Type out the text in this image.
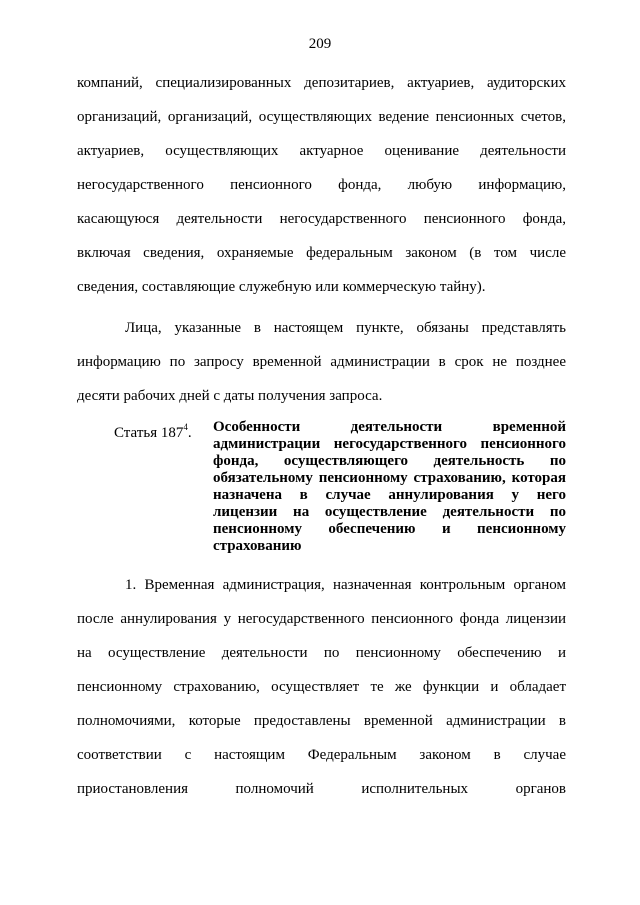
209
компаний, специализированных депозитариев, актуариев, аудиторских
организаций, организаций, осуществляющих ведение пенсионных счетов,
актуариев, осуществляющих актуарное оценивание деятельности
негосударственного пенсионного фонда, любую информацию,
касающуюся деятельности негосударственного пенсионного фонда,
включая сведения, охраняемые федеральным законом (в том числе
сведения, составляющие служебную или коммерческую тайну).
Лица, указанные в настоящем пункте, обязаны представлять
информацию по запросу временной администрации в срок не позднее
десяти рабочих дней с даты получения запроса.
Статья $187^4$. Особенности деятельности временной
администрации негосударственного пенсионного
фонда, осуществляющего деятельность по
обязательному пенсионному страхованию, которая
назначена в случае аннулирования у него
лицензии на осуществление деятельности по
пенсионному обеспечению и пенсионному
страхованию
1. Временная администрация, назначенная контрольным органом
после аннулирования у негосударственного пенсионного фонда лицензии
на осуществление деятельности по пенсионному обеспечению и
пенсионному страхованию, осуществляет те же функции и обладает
полномочиями, которые предоставлены временной администрации в
соответствии с настоящим Федеральным законом в случае
приостановления полномочий исполнительных органов
